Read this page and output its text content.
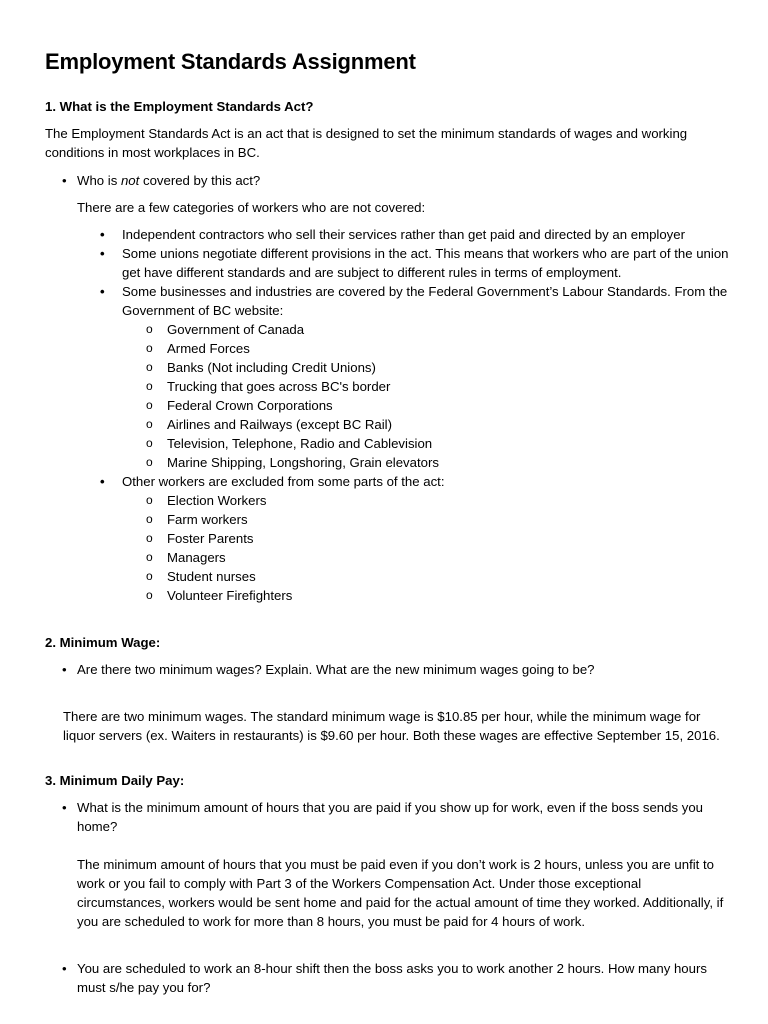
Employment Standards Assignment

1. What is the Employment Standards Act?

The Employment Standards Act is an act that is designed to set the minimum standards of wages and working conditions in most workplaces in BC.

• Who is not covered by this act?

There are a few categories of workers who are not covered:

• Independent contractors who sell their services rather than get paid and directed by an employer
• Some unions negotiate different provisions in the act. This means that workers who are part of the union get have different standards and are subject to different rules in terms of employment.
• Some businesses and industries are covered by the Federal Government’s Labour Standards. From the Government of BC website:
o Government of Canada
o Armed Forces
o Banks (Not including Credit Unions)
o Trucking that goes across BC's border
o Federal Crown Corporations
o Airlines and Railways (except BC Rail)
o Television, Telephone, Radio and Cablevision
o Marine Shipping, Longshoring, Grain elevators
• Other workers are excluded from some parts of the act:
o Election Workers
o Farm workers
o Foster Parents
o Managers
o Student nurses
o Volunteer Firefighters

2. Minimum Wage:

• Are there two minimum wages? Explain. What are the new minimum wages going to be?

There are two minimum wages. The standard minimum wage is $10.85 per hour, while the minimum wage for liquor servers (ex. Waiters in restaurants) is $9.60 per hour. Both these wages are effective September 15, 2016.

3. Minimum Daily Pay:

• What is the minimum amount of hours that you are paid if you show up for work, even if the boss sends you home?

The minimum amount of hours that you must be paid even if you don’t work is 2 hours, unless you are unfit to work or you fail to comply with Part 3 of the Workers Compensation Act. Under those exceptional circumstances, workers would be sent home and paid for the actual amount of time they worked. Additionally, if you are scheduled to work for more than 8 hours, you must be paid for 4 hours of work.

• You are scheduled to work an 8-hour shift then the boss asks you to work another 2 hours. How many hours must s/he pay you for?
